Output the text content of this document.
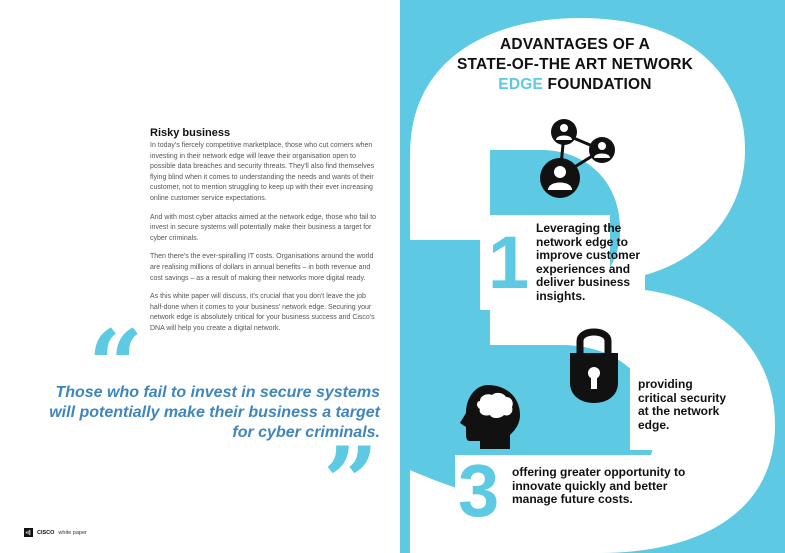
Risky business

In today's fiercely competitive marketplace, those who cut corners when investing in their network edge will leave their organisation open to possible data breaches and security threats. They'll also find themselves flying blind when it comes to understanding the needs and wants of their customer, not to mention struggling to keep up with their ever increasing online customer service expectations.

And with most cyber attacks aimed at the network edge, those who fail to invest in secure systems will potentially make their business a target for cyber criminals.

Then there's the ever-spiralling IT costs. Organisations around the world are realising millions of dollars in annual benefits – in both revenue and cost savings – as a result of making their networks more digital ready.

As this white paper will discuss, it's crucial that you don't leave the job half-done when it comes to your business' network edge. Securing your network edge is absolutely critical for your business success and Cisco's DNA will help you create a digital network.

“
Those who fail to invest in secure systems will potentially make their business a target for cyber criminals.
”
CISCO white paper
ADVANTAGES OF A
STATE-OF-THE ART NETWORK
EDGE FOUNDATION
1
2
3
Leveraging the network edge to improve customer experiences and deliver business insights.
providing critical security at the network edge.
offering greater opportunity to innovate quickly and better manage future costs.
